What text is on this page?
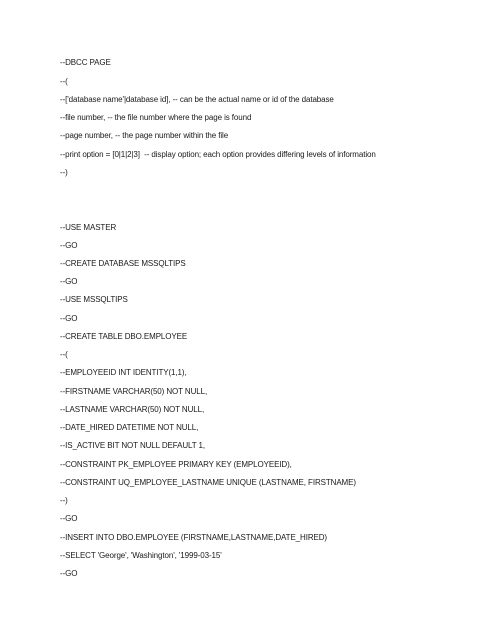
--DBCC PAGE
--(
--['database name'|database id], -- can be the actual name or id of the database
--file number, -- the file number where the page is found
--page number, -- the page number within the file
--print option = [0|1|2|3]  -- display option; each option provides differing levels of information
--)
--USE MASTER
--GO
--CREATE DATABASE MSSQLTIPS
--GO
--USE MSSQLTIPS
--GO
--CREATE TABLE DBO.EMPLOYEE
--(
--EMPLOYEEID INT IDENTITY(1,1),
--FIRSTNAME VARCHAR(50) NOT NULL,
--LASTNAME VARCHAR(50) NOT NULL,
--DATE_HIRED DATETIME NOT NULL,
--IS_ACTIVE BIT NOT NULL DEFAULT 1,
--CONSTRAINT PK_EMPLOYEE PRIMARY KEY (EMPLOYEEID),
--CONSTRAINT UQ_EMPLOYEE_LASTNAME UNIQUE (LASTNAME, FIRSTNAME)
--)
--GO
--INSERT INTO DBO.EMPLOYEE (FIRSTNAME,LASTNAME,DATE_HIRED)
--SELECT 'George', 'Washington', '1999-03-15'
--GO
